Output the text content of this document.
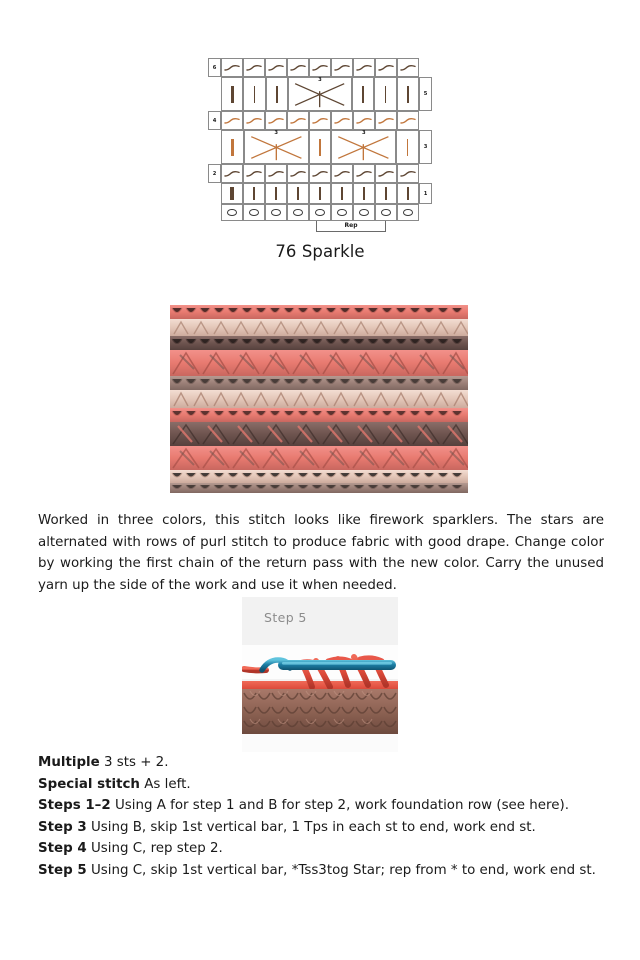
6
3
5
4
3	3
3
2
1
Rep
76 Sparkle

Worked in three colors, this stitch looks like firework sparklers. The stars are alternated with rows of purl stitch to produce fabric with good drape. Change color by working the first chain of the return pass with the new color. Carry the unused yarn up the side of the work and use it when needed.

Step 5
Multiple 3 sts + 2.
Special stitch As left.
Steps 1–2 Using A for step 1 and B for step 2, work foundation row (see here).
Step 3 Using B, skip 1st vertical bar, 1 Tps in each st to end, work end st.
Step 4 Using C, rep step 2.
Step 5 Using C, skip 1st vertical bar, *Tss3tog Star; rep from * to end, work end st.
